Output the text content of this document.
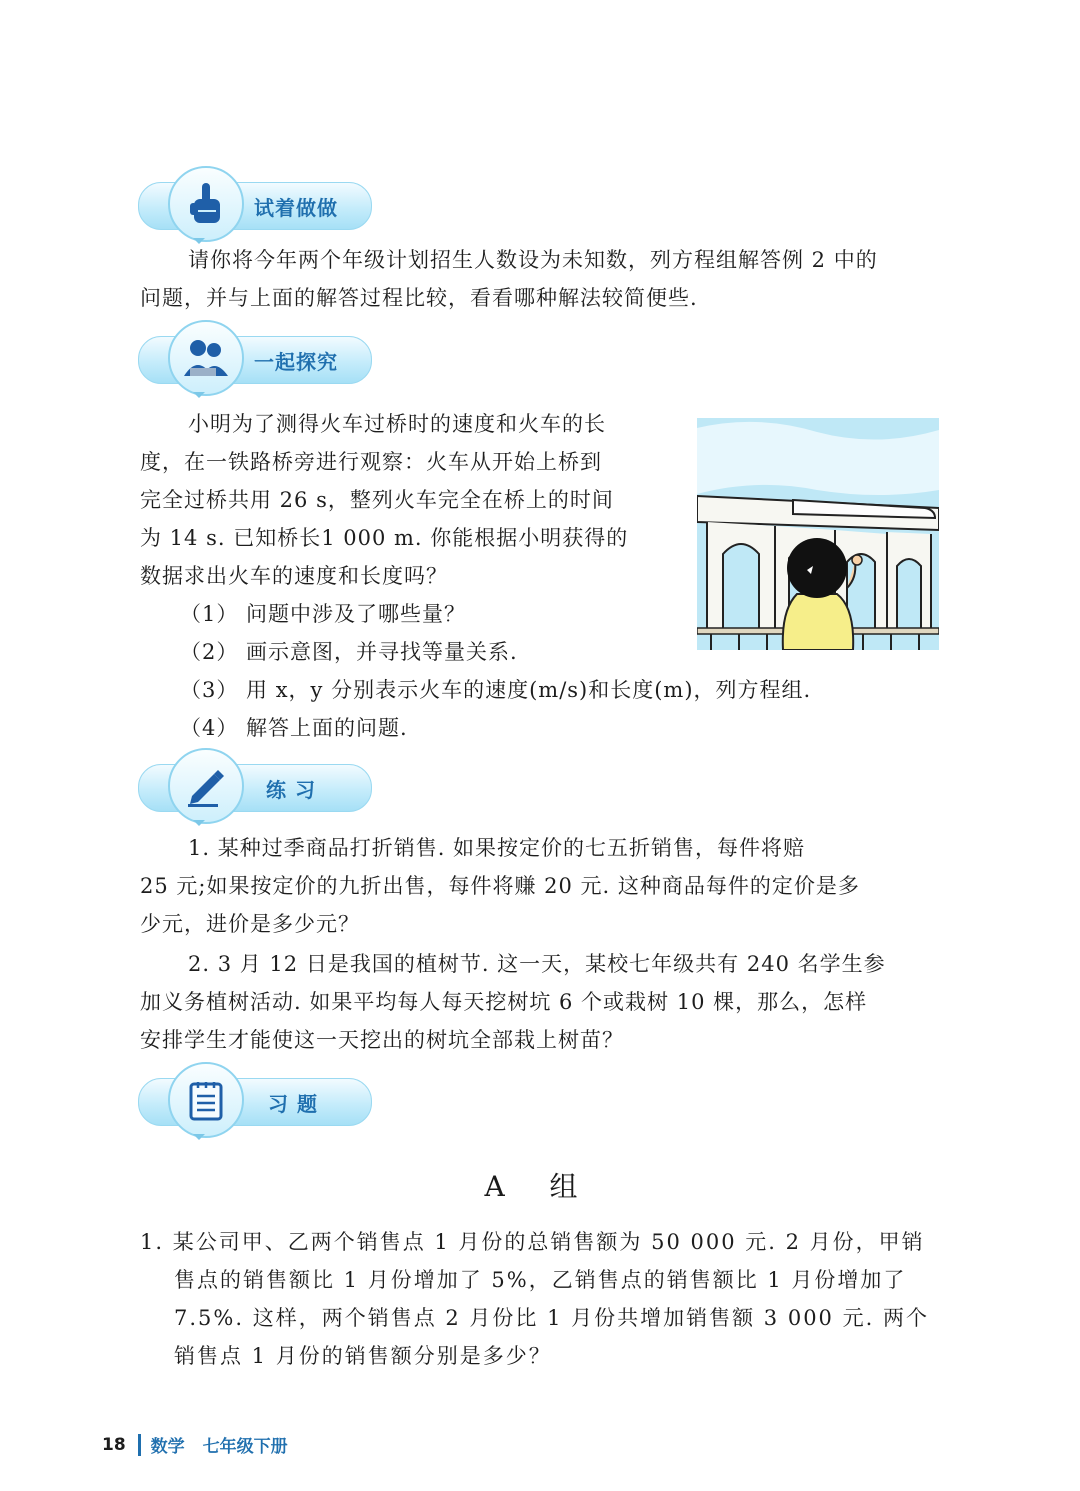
试着做做

请你将今年两个年级计划招生人数设为未知数，列方程组解答例 2 中的

问题，并与上面的解答过程比较，看看哪种解法较简便些.

一起探究

小明为了测得火车过桥时的速度和火车的长

度，在一铁路桥旁进行观察：火车从开始上桥到

完全过桥共用 26 s，整列火车完全在桥上的时间

为 14 s. 已知桥长1 000 m. 你能根据小明获得的

数据求出火车的速度和长度吗？

（1） 问题中涉及了哪些量？

（2） 画示意图，并寻找等量关系.

（3） 用 x，y 分别表示火车的速度(m/s)和长度(m)，列方程组.

（4） 解答上面的问题.

练 习

1. 某种过季商品打折销售. 如果按定价的七五折销售，每件将赔

25 元;如果按定价的九折出售，每件将赚 20 元. 这种商品每件的定价是多

少元，进价是多少元？

2. 3 月 12 日是我国的植树节. 这一天，某校七年级共有 240 名学生参

加义务植树活动. 如果平均每人每天挖树坑 6 个或栽树 10 棵，那么，怎样

安排学生才能使这一天挖出的树坑全部栽上树苗？

习 题
A 组

1. 某公司甲、乙两个销售点 1 月份的总销售额为 50 000 元. 2 月份，甲销

售点的销售额比 1 月份增加了 5%，乙销售点的销售额比 1 月份增加了

7.5%. 这样，两个销售点 2 月份比 1 月份共增加销售额 3 000 元. 两个

销售点 1 月份的销售额分别是多少？

18 数学 七年级下册
